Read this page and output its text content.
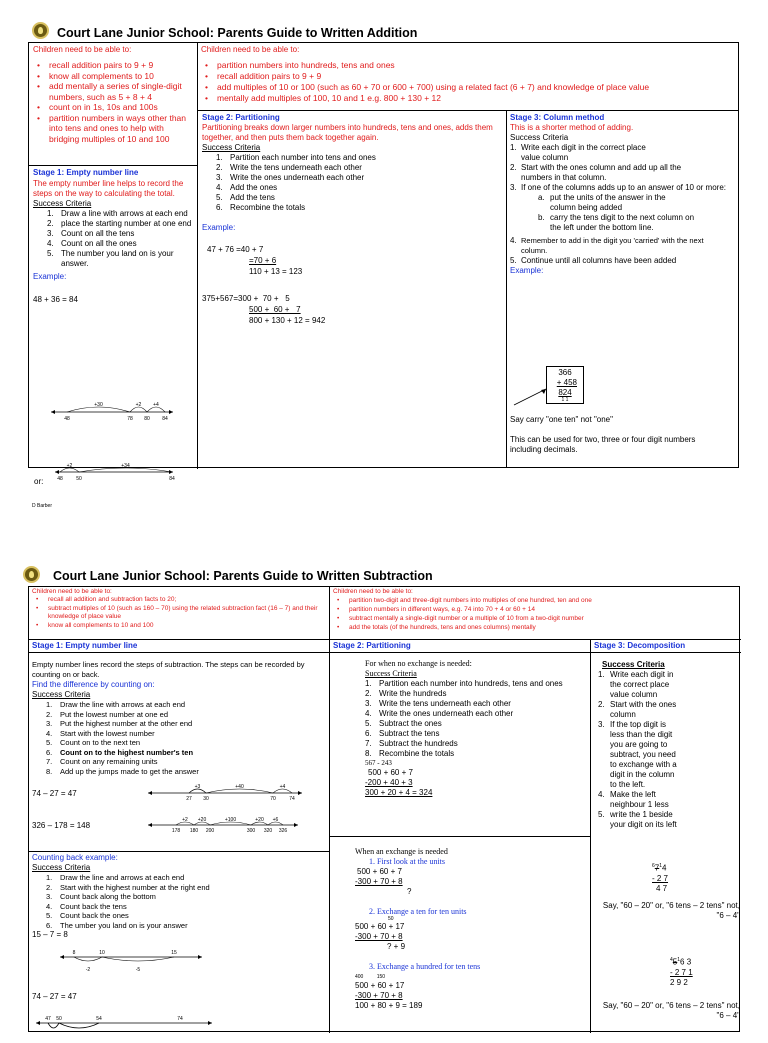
Court Lane Junior School: Parents Guide to Written Addition
Children need to be able to:
• recall addition pairs to 9 + 9
• know all complements to 10
• add mentally a series of single-digit numbers, such as 5 + 8 + 4
• count on in 1s, 10s and 100s
• partition numbers in ways other than into tens and ones to help with bridging multiples of 10 and 100
Children need to be able to:
• partition numbers into hundreds, tens and ones
• recall addition pairs to 9 + 9
• add multiples of 10 or 100 (such as 60 + 70 or 600 + 700) using a related fact (6 + 7) and knowledge of place value
• mentally add multiples of 100, 10 and 1 e.g. 800 + 130 + 12
Stage 1: Empty number line
The empty number line helps to record the steps on the way to calculating the total.
Success Criteria
1. Draw a line with arrows at each end
2. place the starting number at one end
3. Count on all the tens
4. Count on all the ones
5. The number you land on is your answer.
Example:
48 + 36 = 84
48	78 80 84
+30	+2 +4
or:	48	50	84
+2	+34
Stage 2: Partitioning
Partitioning breaks down larger numbers into hundreds, tens and ones, adds them together, and then puts them back together again.
Success Criteria
1. Partition each number into tens and ones
2. Write the tens underneath each other
3. Write the ones underneath each other
4. Add the ones
5. Add the tens
6. Recombine the totals
Example:
47 + 76 =40 + 7
=70 + 6
110 + 13 = 123
375+567=300 +  70 +   5
500 +  60 +   7
800 + 130 + 12 = 942
Stage 3: Column method
This is a shorter method of adding.
Success Criteria
1. Write each digit in the correct place value column
2. Start with the ones column and add up all the numbers in that column.
3. If one of the columns adds up to an answer of 10 or more:
a. put the units of the answer in the column being added
b. carry the tens digit to the next column on the left under the bottom line.
4. Remember to add in the digit you 'carried' with the next column.
5. Continue until all columns have been added
Example:
366
+ 458
824
1 1
Say carry "one ten" not "one"
This can be used for two, three or four digit numbers including decimals.
D Barber
Court Lane Junior School: Parents Guide to Written Subtraction
Children need to be able to:
• recall all addition and subtraction facts to 20;
• subtract multiples of 10 (such as 160 – 70) using the related subtraction fact (16 – 7) and their knowledge of place value
• know all complements to 10 and 100
Children need to be able to:
• partition two-digit and three-digit numbers into multiples of one hundred, ten and one
• partition numbers in different ways, e.g. 74 into 70 + 4 or 60 + 14
• subtract mentally a single-digit number or a multiple of 10 from a two-digit number
• add the totals (of the hundreds, tens and ones columns) mentally
Stage 1: Empty number line	Stage 2: Partitioning	Stage 3: Decomposition
Empty number lines record the steps of subtraction. The steps can be recorded by counting on or back.
Find the difference by counting on:
Success Criteria
1.	Draw the line with arrows at each end
2.	Put the lowest number at one ed
3.	Put the highest number at the other end
4.	Start with the lowest number
5.	Count on to the next ten
6.	Count on to the highest number's ten
7.	Count on any remaining units
8.	Add up the jumps made to get the answer
74 – 27 = 47
27 30	70	74
+3	+40	+4
326 – 178 = 148
178 180 200	300 320 326
+2 +20	+100	+20 +6
Counting back example:
Success Criteria
1.	Draw the line and arrows at each end
2.	Start with the highest number at the right end
3.	Count back along the bottom
4.	Count back the tens
5.	Count back the ones
6.	The umber you land on is your answer
15 – 7 = 8
8	10	15
-2	-5
74 – 27 = 47
47 50	54	74
For when no exchange is needed:
Success Criteria
1. Partition each number into hundreds, tens and ones
2. Write the hundreds
3. Write the tens underneath each other
4. Write the ones underneath each other
5. Subtract the ones
6. Subtract the tens
7. Subtract the hundreds
8. Recombine the totals
567 - 243
500 + 60 + 7
-200 + 40 + 3
300 + 20 + 4 = 324
When an exchange is needed
1. First look at the units
500 + 60 + 7
-300 + 70 + 8
?
2. Exchange a ten for ten units
50
500 + 60 + 17
-300 + 70 + 8
? + 9
3. Exchange a hundred for ten tens
400	150
500 + 60 + 17
-300 + 70 + 8
100 + 80 + 9 = 189
Success Criteria
1. Write each digit in the correct place value column
2. Start with the ones column
3. If the top digit is less than the digit you are going to subtract, you need to exchange with a digit in the column to the left.
4. Make the left neighbour 1 less
5. write the 1 beside your digit on its left
$^67^14$
- 2 7
4 7
Say, "60 – 20" or, "6 tens – 2 tens" not, "6 – 4"
$^45^16$ 3
- 2 7 1
2 9 2
Say, "60 – 20" or, "6 tens – 2 tens" not, "6 – 4"
